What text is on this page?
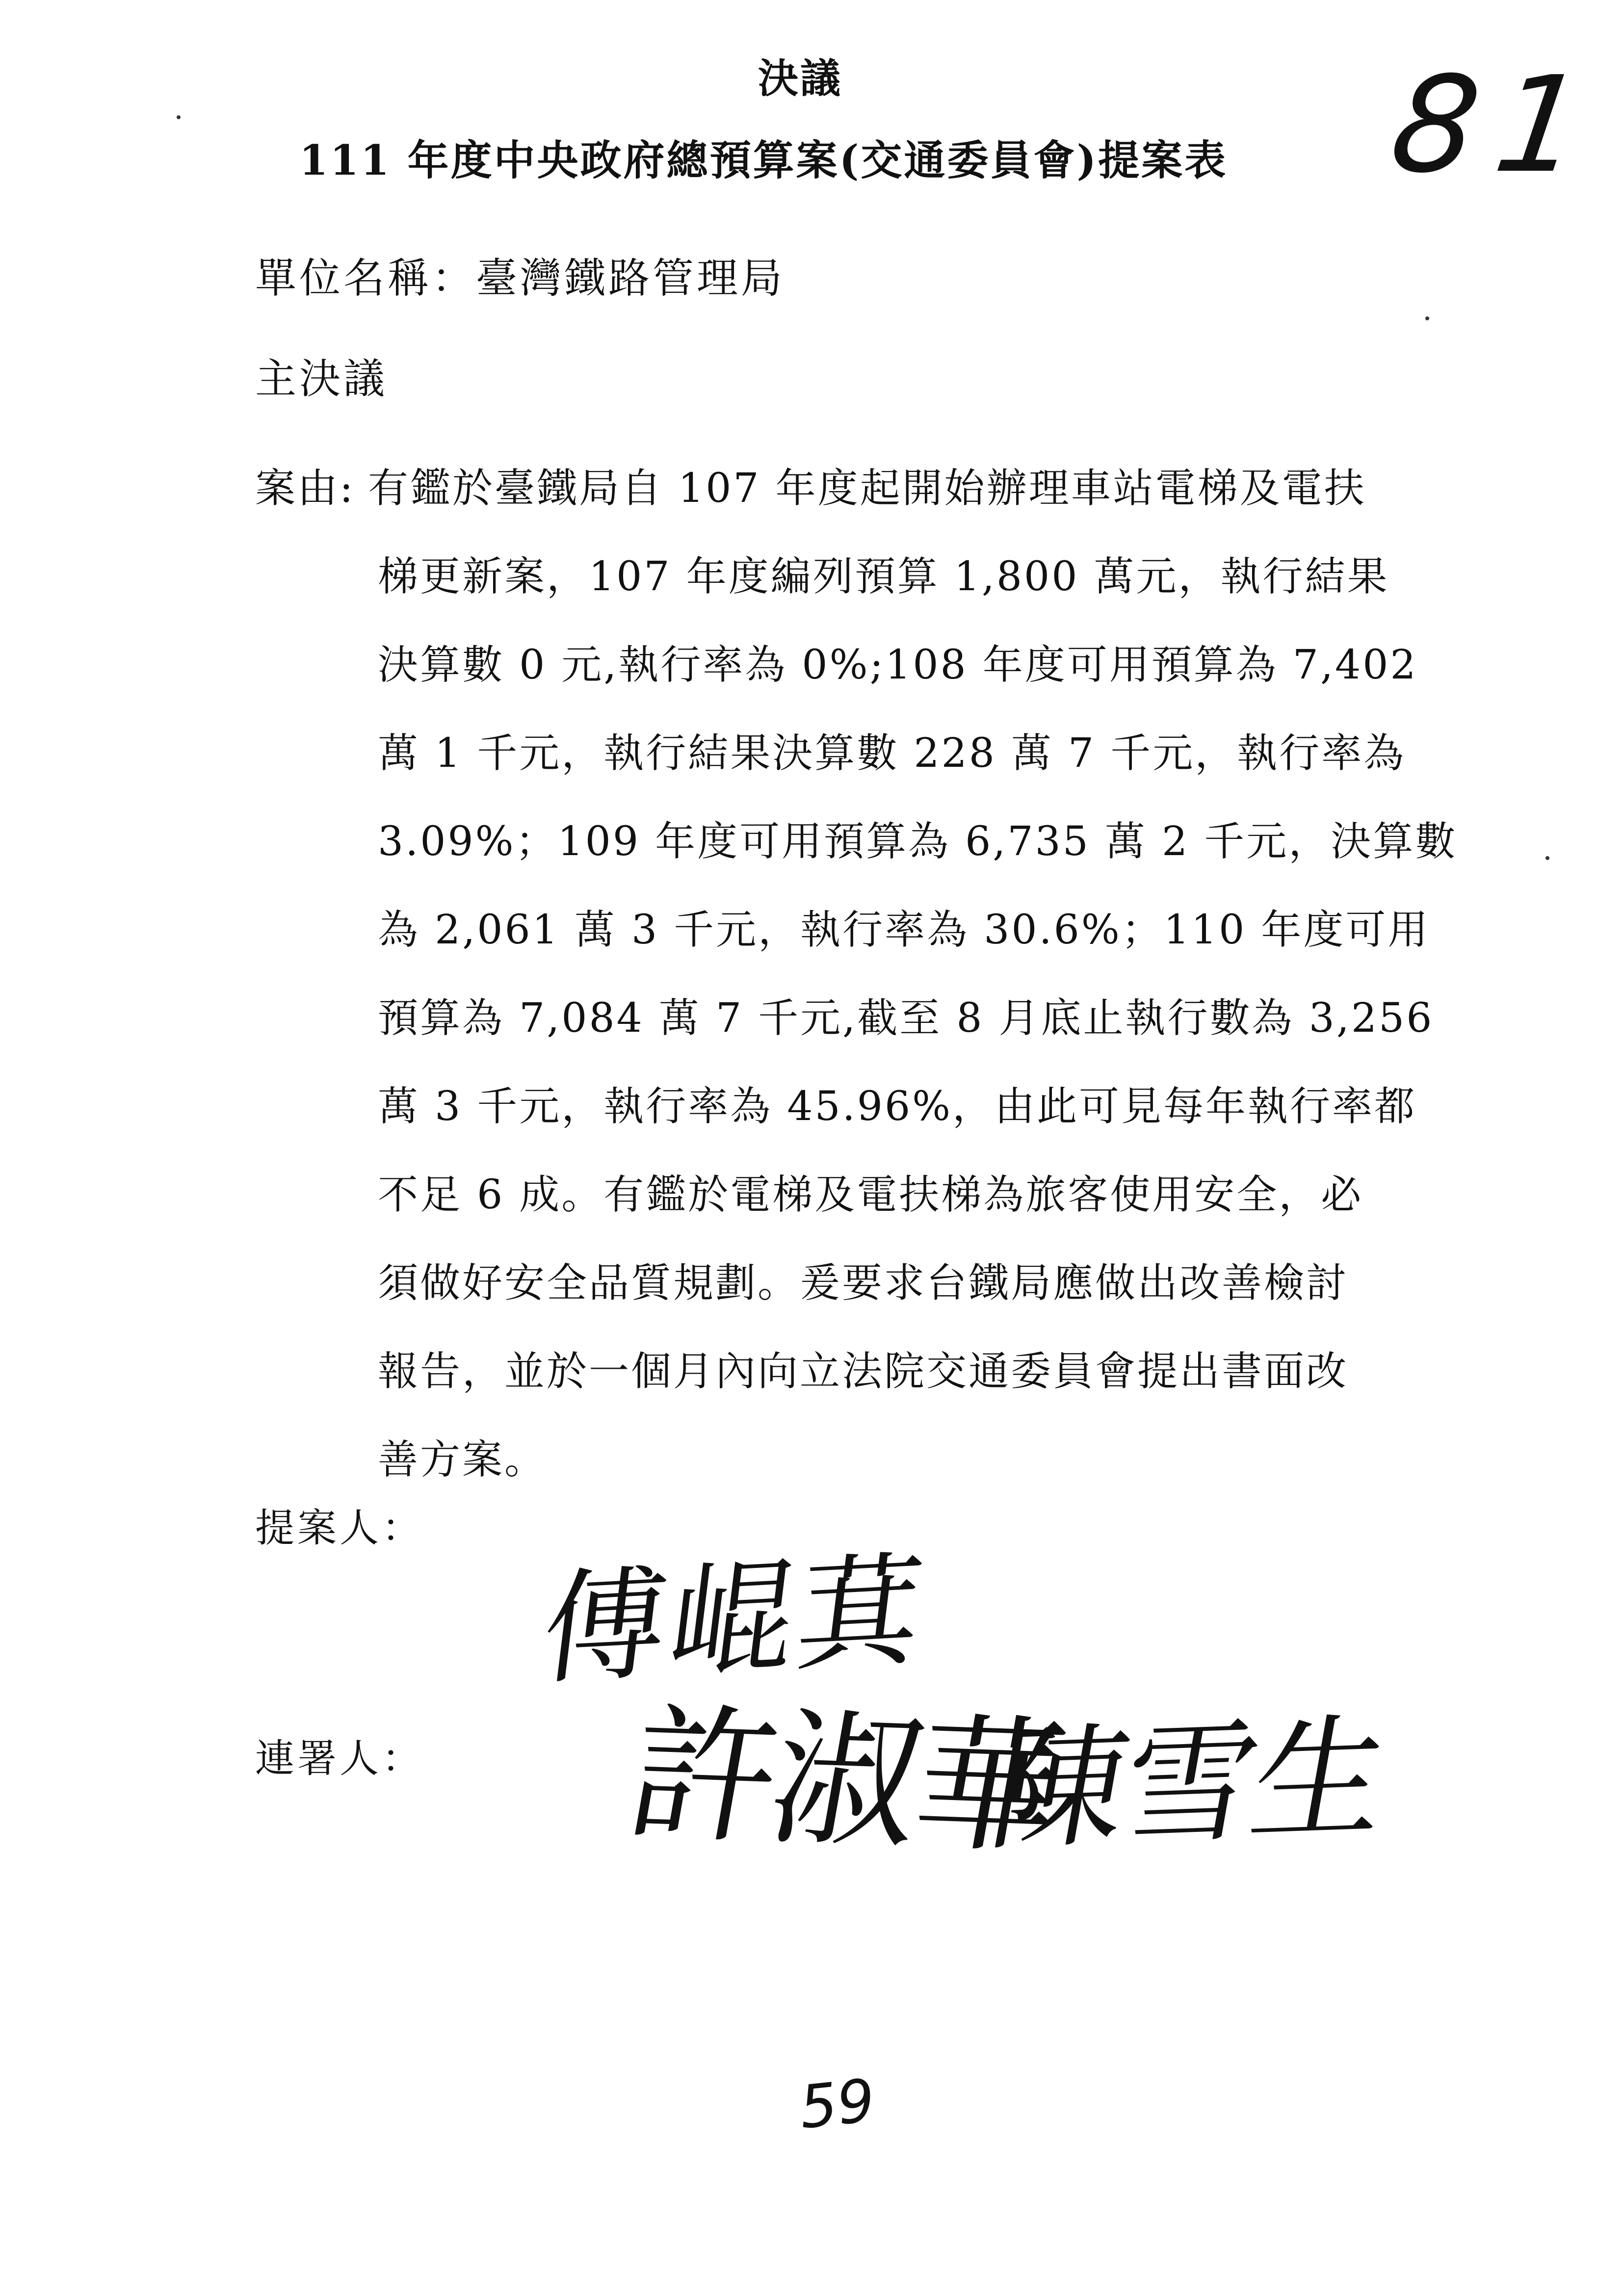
決議
111 年度中央政府總預算案(交通委員會)提案表 81
單位名稱：臺灣鐵路管理局
主決議
案由: 有鑑於臺鐵局自 107 年度起開始辦理車站電梯及電扶
梯更新案，107 年度編列預算 1,800 萬元，執行結果
決算數 0 元,執行率為 0%;108 年度可用預算為 7,402
萬 1 千元，執行結果決算數 228 萬 7 千元，執行率為
3.09%；109 年度可用預算為 6,735 萬 2 千元，決算數
為 2,061 萬 3 千元，執行率為 30.6%；110 年度可用
預算為 7,084 萬 7 千元,截至 8 月底止執行數為 3,256
萬 3 千元，執行率為 45.96%，由此可見每年執行率都
不足 6 成。有鑑於電梯及電扶梯為旅客使用安全，必
須做好安全品質規劃。爰要求台鐵局應做出改善檢討
報告，並於一個月內向立法院交通委員會提出書面改
善方案。
提案人：
傅崐萁
連署人： 許淑華
陳雪生
59
